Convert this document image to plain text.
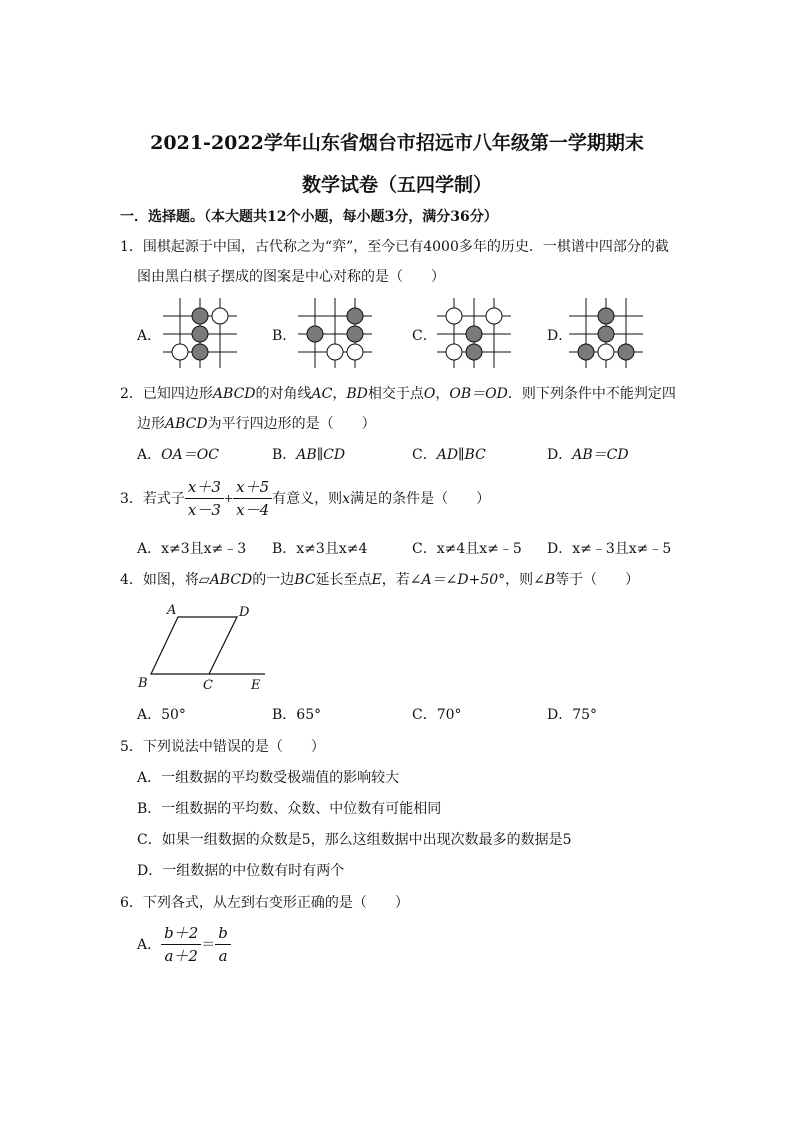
2021-2022学年山东省烟台市招远市八年级第一学期期末
数学试卷（五四学制）
一．选择题。（本大题共12个小题，每小题3分，满分36分）
1．围棋起源于中国，古代称之为“弈”，至今已有4000多年的历史．一棋谱中四部分的截
图由黑白棋子摆成的图案是中心对称的是（　　）
A．	B．	C．	D．
2．已知四边形ABCD的对角线AC，BD相交于点O，OB＝OD．则下列条件中不能判定四
边形ABCD为平行四边形的是（　　）
A．OA＝OC	B．AB∥CD	C．AD∥BC	D．AB＝CD
3．若式子 $\frac{x+3}{x-3} + \frac{x+5}{x-4}$ 有意义，则 x 满足的条件是（　　）
A．x≠3且x≠﹣3 B．x≠3且x≠4	C．x≠4且x≠﹣5 D．x≠﹣3且x≠﹣5
4．如图，将▱ABCD的一边BC延长至点E，若∠A＝∠D+50°，则∠B等于（　　）
A	D
B	C	E
A．50°	B．65°	C．70°	D．75°
5．下列说法中错误的是（　　）
A．一组数据的平均数受极端值的影响较大
B．一组数据的平均数、众数、中位数有可能相同
C．如果一组数据的众数是5，那么这组数据中出现次数最多的数据是5
D．一组数据的中位数有时有两个
6．下列各式，从左到右变形正确的是（　　）
A． $\frac{b+2}{a+2} = \frac{b}{a}$
